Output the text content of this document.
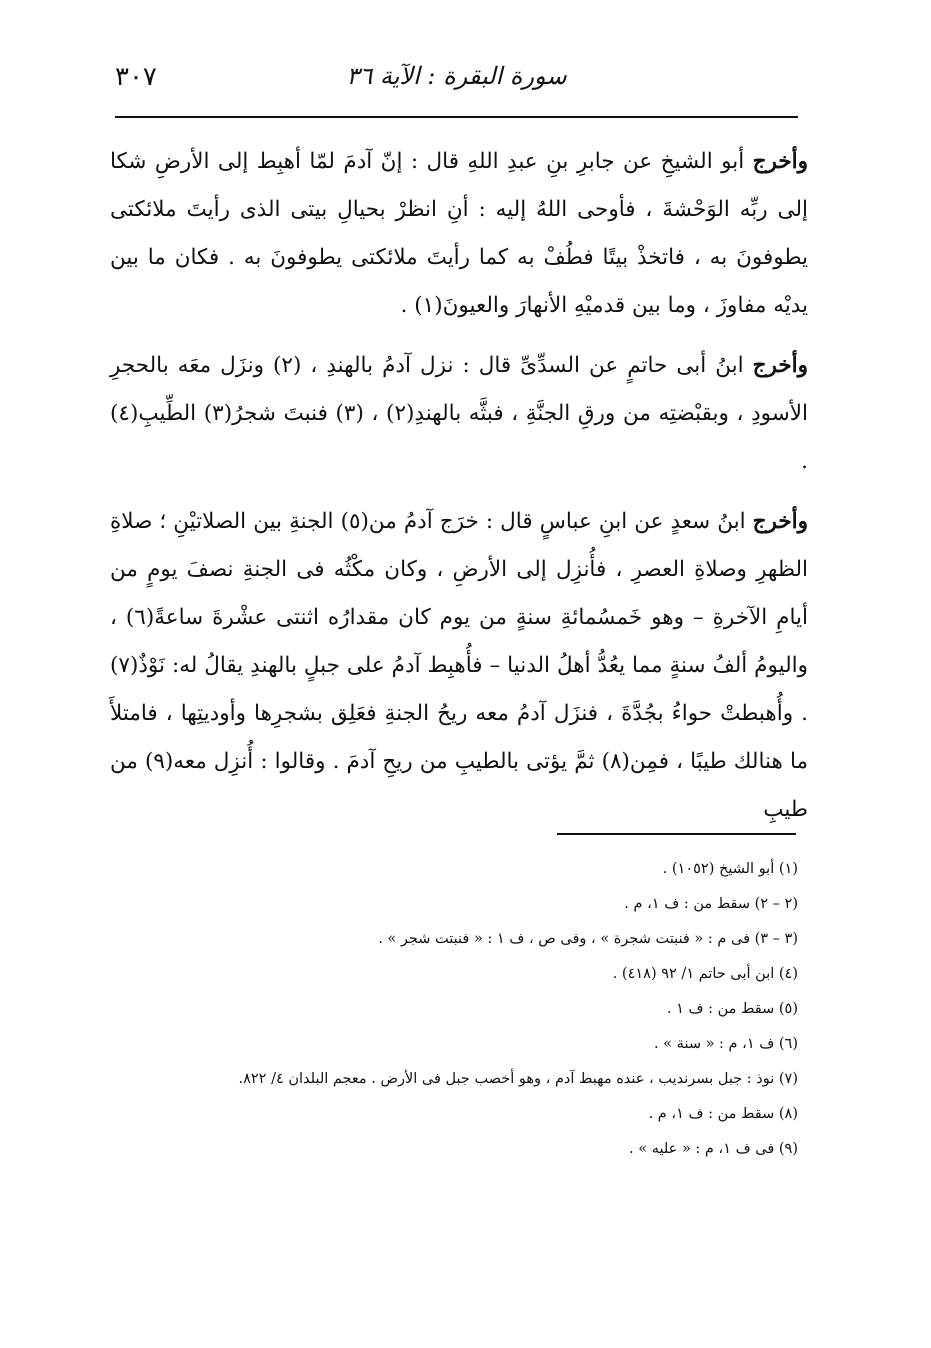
٣٠٧	سورة البقرة : الآية ٣٦

وأخرج أبو الشيخِ عن جابرِ بنِ عبدِ اللهِ قال : إنّ آدمَ لمّا أهبِط إلى الأرضِ شكا إلى ربِّه الوَحْشةَ ، فأوحى اللهُ إليه : أنِ انظرْ بحيالِ بيتى الذى رأيتَ ملائكتى يطوفونَ به ، فاتخذْ بيتًا فطُفْ به كما رأيتَ ملائكتى يطوفونَ به . فكان ما بين يديْه مفاوزَ ، وما بين قدميْهِ الأنهارَ والعيونَ(١) .

وأخرج ابنُ أبى حاتمٍ عن السدِّىِّ قال : نزل آدمُ بالهندِ ، (٢) ونزَل معَه بالحجرِ الأسودِ ، وبقبْضتِه من ورقِ الجنَّةِ ، فبثَّه بالهندِ(٢) ، (٣) فنبتَ شجرُ(٣) الطِّيبِ(٤) .

وأخرج ابنُ سعدٍ عن ابنِ عباسٍ قال : خرَج آدمُ من(٥) الجنةِ بين الصلاتيْنِ ؛ صلاةِ الظهرِ وصلاةِ العصرِ ، فأُنزِل إلى الأرضِ ، وكان مكْثُه فى الجنةِ نصفَ يومٍ من أيامِ الآخرةِ – وهو خَمسُمائةِ سنةٍ من يوم كان مقدارُه اثنتى عشْرةَ ساعةً(٦) ، واليومُ ألفُ سنةٍ مما يعُدُّ أهلُ الدنيا – فأُهبِط آدمُ على جبلٍ بالهندِ يقالُ له: نَوْذٌ(٧) . وأُهبطتْ حواءُ بجُدَّةَ ، فنزَل آدمُ معه ريحُ الجنةِ فعَلِق بشجرِها وأوديتِها ، فامتلأَ ما هنالك طيبًا ، فمِن(٨) ثمَّ يؤتى بالطيبِ من ريحِ آدمَ . وقالوا : أُنزِل معه(٩) من طيبِ

(١) أبو الشيخ (١٠٥٢) .
(٢ – ٢) سقط من : ف ١، م .
(٣ – ٣) فى م : « فنبتت شجرة » ، وفى ص ، ف ١ : « فنبتت شجر » .
(٤) ابن أبى حاتم ١/ ٩٢ (٤١٨) .
(٥) سقط من : ف ١ .
(٦) ف ١، م : « سنة » .
(٧) نوذ : جبل بسرنديب ، عنده مهبط آدم ، وهو أخصب جبل فى الأرض . معجم البلدان ٤/ ٨٢٢.
(٨) سقط من : ف ١، م .
(٩) فى ف ١، م : « عليه » .
